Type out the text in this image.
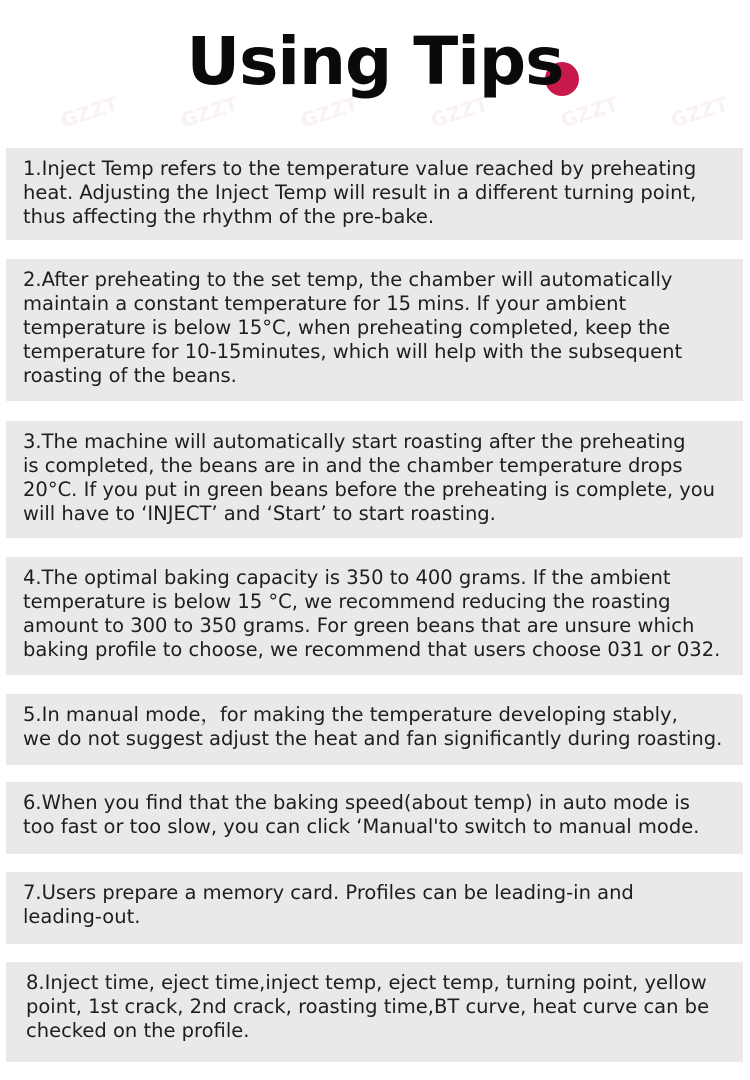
GZZT	GZZT	GZZT	GZZT	GZZT GZZT
Using Tips
1.Inject Temp refers to the temperature value reached by preheating
heat. Adjusting the Inject Temp will result in a different turning point,
thus affecting the rhythm of the pre-bake.
2.After preheating to the set temp, the chamber will automatically
maintain a constant temperature for 15 mins. If your ambient
temperature is below 15°C, when preheating completed, keep the
temperature for 10-15minutes, which will help with the subsequent
roasting of the beans.
3.The machine will automatically start roasting after the preheating
is completed, the beans are in and the chamber temperature drops
20°C. If you put in green beans before the preheating is complete, you
will have to ‘INJECT’ and ‘Start’ to start roasting.
4.The optimal baking capacity is 350 to 400 grams. If the ambient
temperature is below 15 °C, we recommend reducing the roasting
amount to 300 to 350 grams. For green beans that are unsure which
baking profile to choose, we recommend that users choose 031 or 032.
5.In manual mode，for making the temperature developing stably,
we do not suggest adjust the heat and fan significantly during roasting.
6.When you find that the baking speed(about temp) in auto mode is
too fast or too slow, you can click ‘Manual'to switch to manual mode.
7.Users prepare a memory card. Profiles can be leading-in and
leading-out.
8.Inject time, eject time,inject temp, eject temp, turning point, yellow
point, 1st crack, 2nd crack, roasting time,BT curve, heat curve can be
checked on the profile.
